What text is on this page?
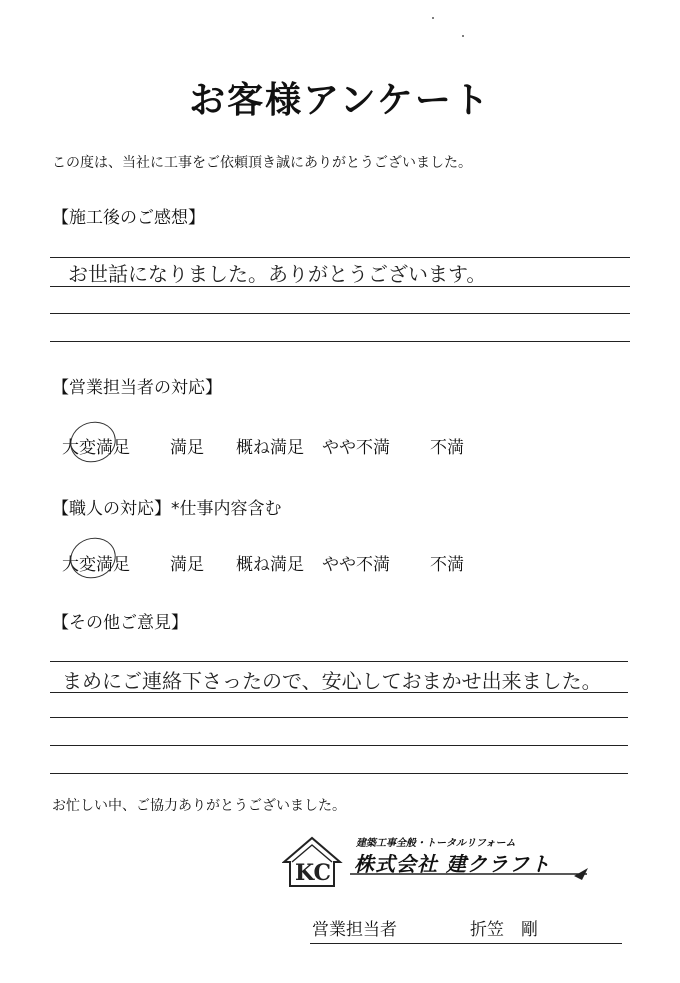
お客様アンケート
この度は、当社に工事をご依頼頂き誠にありがとうございました。
【施工後のご感想】
お世話になりました。ありがとうございます。
【営業担当者の対応】
大変満足 満足 概ね満足 やや不満 不満
【職人の対応】*仕事内容含む
大変満足 満足 概ね満足 やや不満 不満
【その他ご意見】
まめにご連絡下さったので、安心しておまかせ出来ました。
お忙しい中、ご協力ありがとうございました。
KC
建築工事全般・トータルリフォーム
株式会社 建クラフト
営業担当者	折笠　剛
